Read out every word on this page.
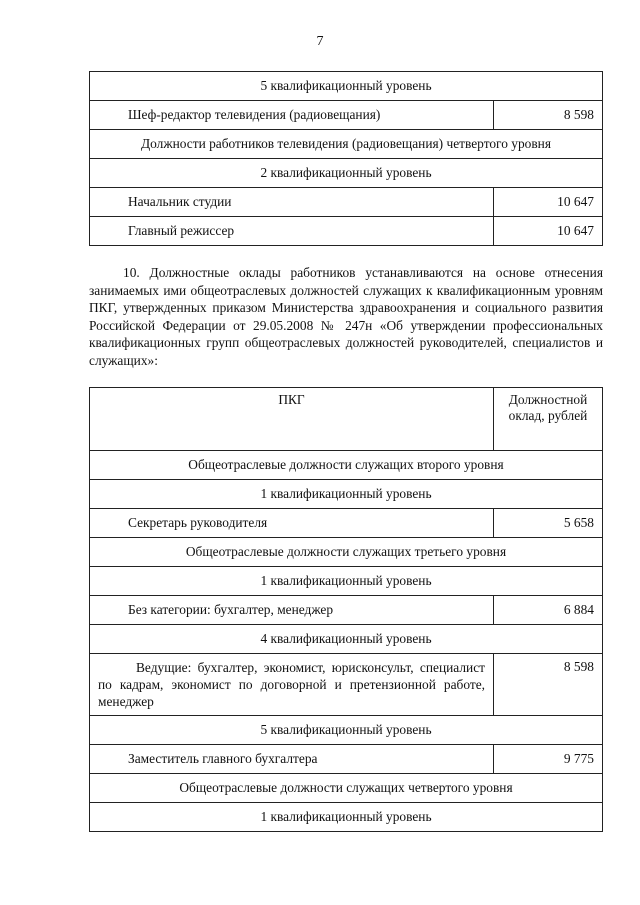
7
5 квалификационный уровень	
Шеф-редактор телевидения (радиовещания)	8 598
Должности работников телевидения (радиовещания) четвертого уровня	
2 квалификационный уровень	
Начальник студии	10 647
Главный режиссер	10 647
10. Должностные оклады работников устанавливаются на основе отнесения занимаемых ими общеотраслевых должностей служащих к квалификационным уровням ПКГ, утвержденных приказом Министерства здравоохранения и социального развития Российской Федерации от 29.05.2008 № 247н «Об утверждении профессиональных квалификационных групп общеотраслевых должностей руководителей, специалистов и служащих»:
ПКГ	Должностной оклад, рублей
Общеотраслевые должности служащих второго уровня	
1 квалификационный уровень	
Секретарь руководителя	5 658
Общеотраслевые должности служащих третьего уровня	
1 квалификационный уровень	
Без категории: бухгалтер, менеджер	6 884
4 квалификационный уровень	
Ведущие: бухгалтер, экономист, юрисконсульт, специалист по кадрам, экономист по договорной и претензионной работе, менеджер	8 598
5 квалификационный уровень	
Заместитель главного бухгалтера	9 775
Общеотраслевые должности служащих четвертого уровня	
1 квалификационный уровень	
